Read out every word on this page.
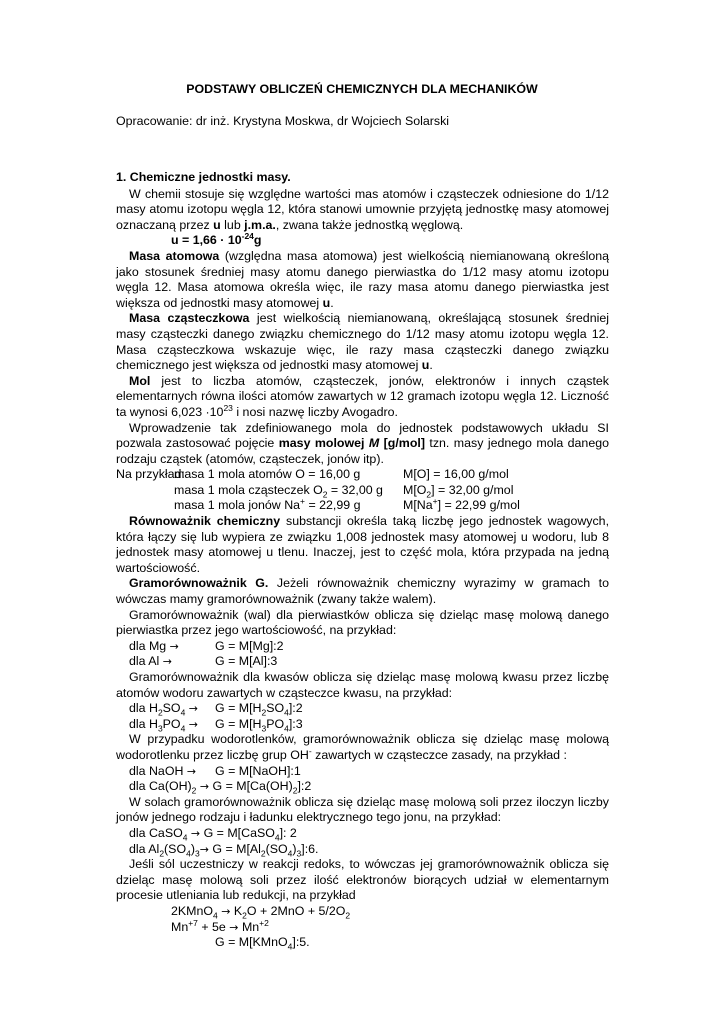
PODSTAWY OBLICZEŃ CHEMICZNYCH DLA MECHANIKÓW
Opracowanie: dr inż. Krystyna Moskwa, dr Wojciech Solarski
1. Chemiczne jednostki masy.

W chemii stosuje się względne wartości mas atomów i cząsteczek odniesione do 1/12 masy atomu izotopu węgla 12, która stanowi umownie przyjętą jednostkę masy atomowej oznaczaną przez u lub j.m.a., zwana także jednostką węglową.

$u = 1,66 \cdot 10^{-24}g$

Masa atomowa (względna masa atomowa) jest wielkością niemianowaną określoną jako stosunek średniej masy atomu danego pierwiastka do 1/12 masy atomu izotopu węgla 12. Masa atomowa określa więc, ile razy masa atomu danego pierwiastka jest większa od jednostki masy atomowej u.

Masa cząsteczkowa jest wielkością niemianowaną, określającą stosunek średniej masy cząsteczki danego związku chemicznego do 1/12 masy atomu izotopu węgla 12. Masa cząsteczkowa wskazuje więc, ile razy masa cząsteczki danego związku chemicznego jest większa od jednostki masy atomowej u.

Mol jest to liczba atomów, cząsteczek, jonów, elektronów i innych cząstek elementarnych równa ilości atomów zawartych w 12 gramach izotopu węgla 12. Liczność ta wynosi $6,023 \cdot 10^{23}$ i nosi nazwę liczby Avogadro.

Wprowadzenie tak zdefiniowanego mola do jednostek podstawowych układu SI pozwala zastosować pojęcie masy molowej M [g/mol] tzn. masy jednego mola danego rodzaju cząstek (atomów, cząsteczek, jonów itp).

Na przykład:
masa 1 mola atomów O = 16,00 g	M[O] = 16,00 g/mol
masa 1 mola cząsteczek $O_2 = 32,00$ g $M[O_2] = 32,00$ g/mol
masa 1 mola jonów Na+ = 22,99 g	M[Na+] = 22,99 g/mol

Równoważnik chemiczny substancji określa taką liczbę jego jednostek wagowych, która łączy się lub wypiera ze związku 1,008 jednostek masy atomowej u wodoru, lub 8 jednostek masy atomowej u tlenu. Inaczej, jest to część mola, która przypada na jedną wartościowość.

Gramorównoważnik G. Jeżeli równoważnik chemiczny wyrazimy w gramach to wówczas mamy gramorównoważnik (zwany także walem).

Gramorównoważnik (wal) dla pierwiastków oblicza się dzieląc masę molową danego pierwiastka przez jego wartościowość, na przykład:

dla Mg →	G = M[Mg]:2
dla Al →	G = M[Al]:3

Gramorównoważnik dla kwasów oblicza się dzieląc masę molową kwasu przez liczbę atomów wodoru zawartych w cząsteczce kwasu, na przykład:

dla $H_2SO_4 \to G$ = $M[H_2SO_4]:2$
dla $H_3PO_4 \to G$ = $M[H_3PO_4]:3$

W przypadku wodorotlenków, gramorównoważnik oblicza się dzieląc masę molową wodorotlenku przez liczbę grup OH- zawartych w cząsteczce zasady, na przykład :

dla NaOH → G = M[NaOH]:1
dla $Ca(OH)_2 \to G$ = $M[Ca(OH)_2]:2$

W solach gramorównoważnik oblicza się dzieląc masę molową soli przez iloczyn liczby jonów jednego rodzaju i ładunku elektrycznego tego jonu, na przykład:

dla CaSO$_4$ → G = M[CaSO$_4$]: 2
dla $Al_2(SO_4)_3\to G$ = $M[Al_2(SO_4)_3]:6$.

Jeśli sól uczestniczy w reakcji redoks, to wówczas jej gramorównoważnik oblicza się dzieląc masę molową soli przez ilość elektronów biorących udział w elementarnym procesie utleniania lub redukcji, na przykład

2KMnO$_4$ → $K_2O + 2MnO + 5/2O_2$
$Mn^{+7} + 5e \to Mn^{+2}$
G = M[KMnO$_4$]:5.
